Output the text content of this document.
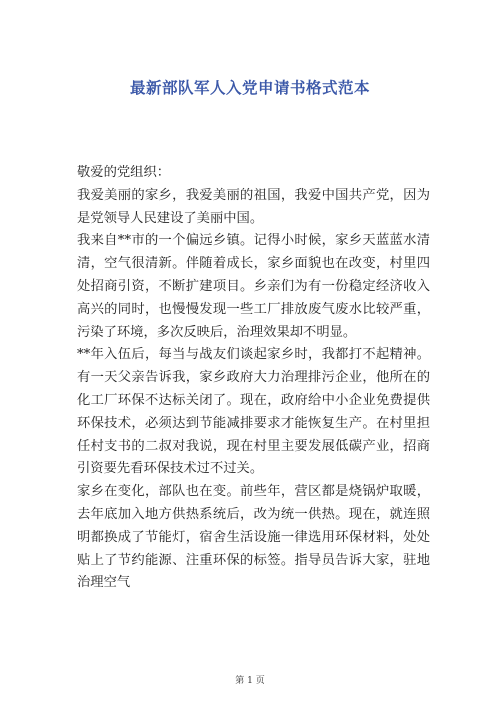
最新部队军人入党申请书格式范本

敬爱的党组织：

我爱美丽的家乡，我爱美丽的祖国，我爱中国共产党，因为是党领导人民建设了美丽中国。

我来自**市的一个偏远乡镇。记得小时候，家乡天蓝蓝水清清，空气很清新。伴随着成长，家乡面貌也在改变，村里四处招商引资，不断扩建项目。乡亲们为有一份稳定经济收入高兴的同时，也慢慢发现一些工厂排放废气废水比较严重，污染了环境，多次反映后，治理效果却不明显。

**年入伍后，每当与战友们谈起家乡时，我都打不起精神。有一天父亲告诉我，家乡政府大力治理排污企业，他所在的化工厂环保不达标关闭了。现在，政府给中小企业免费提供环保技术，必须达到节能减排要求才能恢复生产。在村里担任村支书的二叔对我说，现在村里主要发展低碳产业，招商引资要先看环保技术过不过关。

家乡在变化，部队也在变。前些年，营区都是烧锅炉取暖，去年底加入地方供热系统后，改为统一供热。现在，就连照明都换成了节能灯，宿舍生活设施一律选用环保材料，处处贴上了节约能源、注重环保的标签。指导员告诉大家，驻地治理空气

第 1 页
